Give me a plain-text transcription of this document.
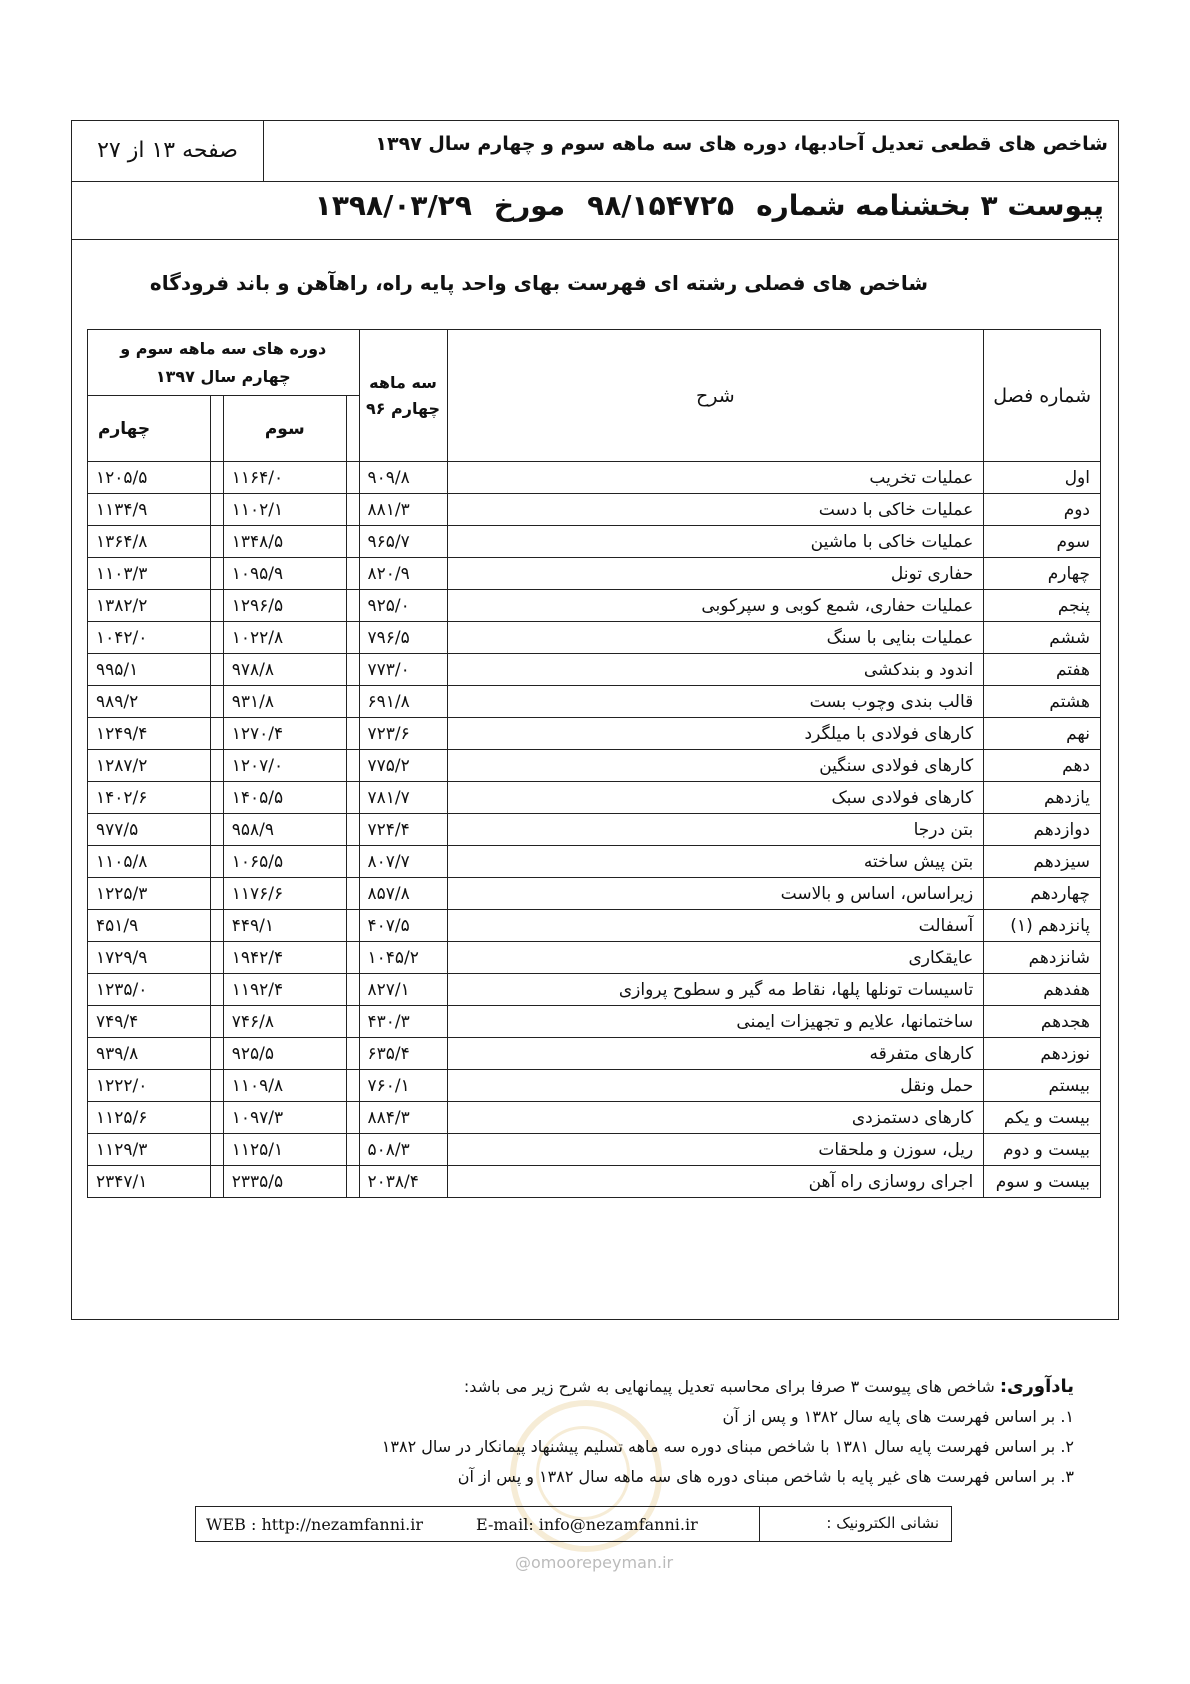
شاخص های قطعی تعدیل آحادبها، دوره های سه ماهه سوم و چهارم سال ۱۳۹۷
صفحه ۱۳ از ۲۷
پیوست ۳ بخشنامه شماره۹۸/۱۵۴۷۲۵مورخ۱۳۹۸/۰۳/۲۹
شاخص های فصلی رشته ای فهرست بهای واحد پایه راه، راهآهن و باند فرودگاه
دوره های سه ماهه سوم و چهارم سال ۱۳۹۷				سه ماهه چهارم ۹۶	شرح	شماره فصل
چهارم		سوم				
۱۲۰۵/۵		۱۱۶۴/۰		۹۰۹/۸	عملیات تخریب	اول
۱۱۳۴/۹		۱۱۰۲/۱		۸۸۱/۳	عملیات خاکی با دست	دوم
۱۳۶۴/۸		۱۳۴۸/۵		۹۶۵/۷	عملیات خاکی با ماشین	سوم
۱۱۰۳/۳		۱۰۹۵/۹		۸۲۰/۹	حفاری تونل	چهارم
۱۳۸۲/۲		۱۲۹۶/۵		۹۲۵/۰	عملیات حفاری، شمع کوبی و سپرکوبی	پنجم
۱۰۴۲/۰		۱۰۲۲/۸		۷۹۶/۵	عملیات بنایی با سنگ	ششم
۹۹۵/۱		۹۷۸/۸		۷۷۳/۰	اندود و بندکشی	هفتم
۹۸۹/۲		۹۳۱/۸		۶۹۱/۸	قالب بندی وچوب بست	هشتم
۱۲۴۹/۴		۱۲۷۰/۴		۷۲۳/۶	کارهای فولادی با میلگرد	نهم
۱۲۸۷/۲		۱۲۰۷/۰		۷۷۵/۲	کارهای فولادی سنگین	دهم
۱۴۰۲/۶		۱۴۰۵/۵		۷۸۱/۷	کارهای فولادی سبک	یازدهم
۹۷۷/۵		۹۵۸/۹		۷۲۴/۴	بتن درجا	دوازدهم
۱۱۰۵/۸		۱۰۶۵/۵		۸۰۷/۷	بتن پیش ساخته	سیزدهم
۱۲۲۵/۳		۱۱۷۶/۶		۸۵۷/۸	زیراساس، اساس و بالاست	چهاردهم
۴۵۱/۹		۴۴۹/۱		۴۰۷/۵	آسفالت	پانزدهم (۱)
۱۷۲۹/۹		۱۹۴۲/۴		۱۰۴۵/۲	عایقکاری	شانزدهم
۱۲۳۵/۰		۱۱۹۲/۴		۸۲۷/۱	تاسیسات تونلها پلها، نقاط مه گیر و سطوح پروازی	هفدهم
۷۴۹/۴		۷۴۶/۸		۴۳۰/۳	ساختمانها، علایم و تجهیزات ایمنی	هجدهم
۹۳۹/۸		۹۲۵/۵		۶۳۵/۴	کارهای متفرقه	نوزدهم
۱۲۲۲/۰		۱۱۰۹/۸		۷۶۰/۱	حمل ونقل	بیستم
۱۱۲۵/۶		۱۰۹۷/۳		۸۸۴/۳	کارهای دستمزدی	بیست و یکم
۱۱۲۹/۳		۱۱۲۵/۱		۵۰۸/۳	ریل، سوزن و ملحقات	بیست و دوم
۲۳۴۷/۱		۲۳۳۵/۵		۲۰۳۸/۴	اجرای روسازی راه آهن	بیست و سوم
یادآوری: شاخص های پیوست ۳ صرفا برای محاسبه تعدیل پیمانهایی به شرح زیر می باشد:
۱. بر اساس فهرست های پایه سال ۱۳۸۲ و پس از آن
۲. بر اساس فهرست پایه سال ۱۳۸۱ با شاخص مبنای دوره سه ماهه تسلیم پیشنهاد پیمانکار در سال ۱۳۸۲
۳. بر اساس فهرست های غیر پایه با شاخص مبنای دوره های سه ماهه سال ۱۳۸۲ و پس از آن
WEB : http://nezamfanni.ir	E-mail: info@nezamfanni.ir	نشانی الکترونیک :
@omoorepeyman.ir
